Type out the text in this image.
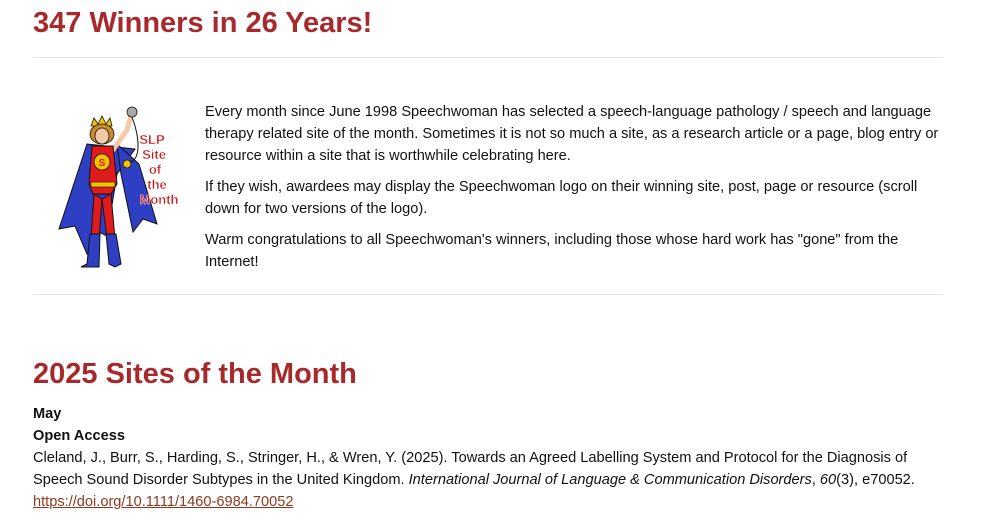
347 Winners in 26 Years!
S
SLP
Site
of
the
Month

Every month since June 1998 Speechwoman has selected a speech-language pathology / speech and language therapy related site of the month. Sometimes it is not so much a site, as a research article or a page, blog entry or resource within a site that is worthwhile celebrating here.

If they wish, awardees may display the Speechwoman logo on their winning site, post, page or resource (scroll down for two versions of the logo).

Warm congratulations to all Speechwoman's winners, including those whose hard work has "gone" from the Internet!

2025 Sites of the Month
May
Open Access
Cleland, J., Burr, S., Harding, S., Stringer, H., & Wren, Y. (2025). Towards an Agreed Labelling System and Protocol for the Diagnosis of Speech Sound Disorder Subtypes in the United Kingdom. International Journal of Language & Communication Disorders, 60(3), e70052. https://doi.org/10.1111/1460-6984.70052
